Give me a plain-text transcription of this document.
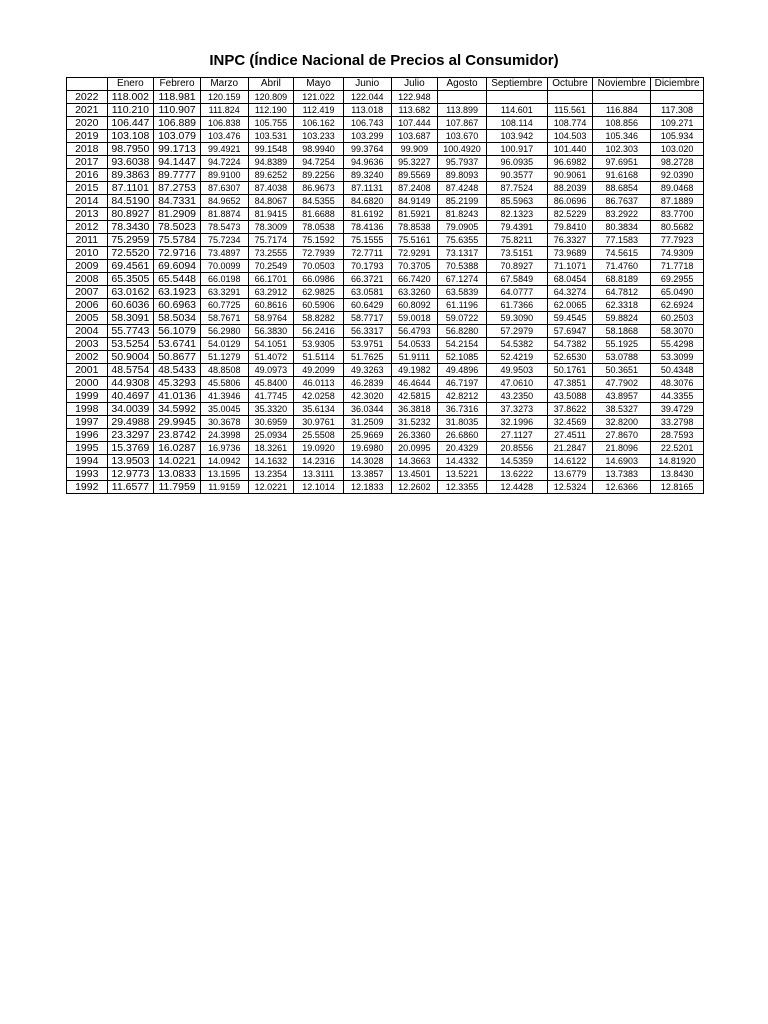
INPC (Índice Nacional de Precios al Consumidor)
	Enero	Febrero	Marzo	Abril	Mayo	Junio	Julio	Agosto	Septiembre	Octubre	Noviembre	Diciembre
2022	118.002	118.981	120.159	120.809	121.022	122.044	122.948					
2021	110.210	110.907	111.824	112.190	112.419	113.018	113.682	113.899	114.601	115.561	116.884	117.308
2020	106.447	106.889	106.838	105.755	106.162	106.743	107.444	107.867	108.114	108.774	108.856	109.271
2019	103.108	103.079	103.476	103.531	103.233	103.299	103.687	103.670	103.942	104.503	105.346	105.934
2018	98.7950	99.1713	99.4921	99.1548	98.9940	99.3764	99.909	100.4920	100.917	101.440	102.303	103.020
2017	93.6038	94.1447	94.7224	94.8389	94.7254	94.9636	95.3227	95.7937	96.0935	96.6982	97.6951	98.2728
2016	89.3863	89.7777	89.9100	89.6252	89.2256	89.3240	89.5569	89.8093	90.3577	90.9061	91.6168	92.0390
2015	87.1101	87.2753	87.6307	87.4038	86.9673	87.1131	87.2408	87.4248	87.7524	88.2039	88.6854	89.0468
2014	84.5190	84.7331	84.9652	84.8067	84.5355	84.6820	84.9149	85.2199	85.5963	86.0696	86.7637	87.1889
2013	80.8927	81.2909	81.8874	81.9415	81.6688	81.6192	81.5921	81.8243	82.1323	82.5229	83.2922	83.7700
2012	78.3430	78.5023	78.5473	78.3009	78.0538	78.4136	78.8538	79.0905	79.4391	79.8410	80.3834	80.5682
2011	75.2959	75.5784	75.7234	75.7174	75.1592	75.1555	75.5161	75.6355	75.8211	76.3327	77.1583	77.7923
2010	72.5520	72.9716	73.4897	73.2555	72.7939	72.7711	72.9291	73.1317	73.5151	73.9689	74.5615	74.9309
2009	69.4561	69.6094	70.0099	70.2549	70.0503	70.1793	70.3705	70.5388	70.8927	71.1071	71.4760	71.7718
2008	65.3505	65.5448	66.0198	66.1701	66.0986	66.3721	66.7420	67.1274	67.5849	68.0454	68.8189	69.2955
2007	63.0162	63.1923	63.3291	63.2912	62.9825	63.0581	63.3260	63.5839	64.0777	64.3274	64.7812	65.0490
2006	60.6036	60.6963	60.7725	60.8616	60.5906	60.6429	60.8092	61.1196	61.7366	62.0065	62.3318	62.6924
2005	58.3091	58.5034	58.7671	58.9764	58.8282	58.7717	59.0018	59.0722	59.3090	59.4545	59.8824	60.2503
2004	55.7743	56.1079	56.2980	56.3830	56.2416	56.3317	56.4793	56.8280	57.2979	57.6947	58.1868	58.3070
2003	53.5254	53.6741	54.0129	54.1051	53.9305	53.9751	54.0533	54.2154	54.5382	54.7382	55.1925	55.4298
2002	50.9004	50.8677	51.1279	51.4072	51.5114	51.7625	51.9111	52.1085	52.4219	52.6530	53.0788	53.3099
2001	48.5754	48.5433	48.8508	49.0973	49.2099	49.3263	49.1982	49.4896	49.9503	50.1761	50.3651	50.4348
2000	44.9308	45.3293	45.5806	45.8400	46.0113	46.2839	46.4644	46.7197	47.0610	47.3851	47.7902	48.3076
1999	40.4697	41.0136	41.3946	41.7745	42.0258	42.3020	42.5815	42.8212	43.2350	43.5088	43.8957	44.3355
1998	34.0039	34.5992	35.0045	35.3320	35.6134	36.0344	36.3818	36.7316	37.3273	37.8622	38.5327	39.4729
1997	29.4988	29.9945	30.3678	30.6959	30.9761	31.2509	31.5232	31.8035	32.1996	32.4569	32.8200	33.2798
1996	23.3297	23.8742	24.3998	25.0934	25.5508	25.9669	26.3360	26.6860	27.1127	27.4511	27.8670	28.7593
1995	15.3769	16.0287	16.9736	18.3261	19.0920	19.6980	20.0995	20.4329	20.8556	21.2847	21.8096	22.5201
1994	13.9503	14.0221	14.0942	14.1632	14.2316	14.3028	14.3663	14.4332	14.5359	14.6122	14.6903	14.81920
1993	12.9773	13.0833	13.1595	13.2354	13.3111	13.3857	13.4501	13.5221	13.6222	13.6779	13.7383	13.8430
1992	11.6577	11.7959	11.9159	12.0221	12.1014	12.1833	12.2602	12.3355	12.4428	12.5324	12.6366	12.8165
